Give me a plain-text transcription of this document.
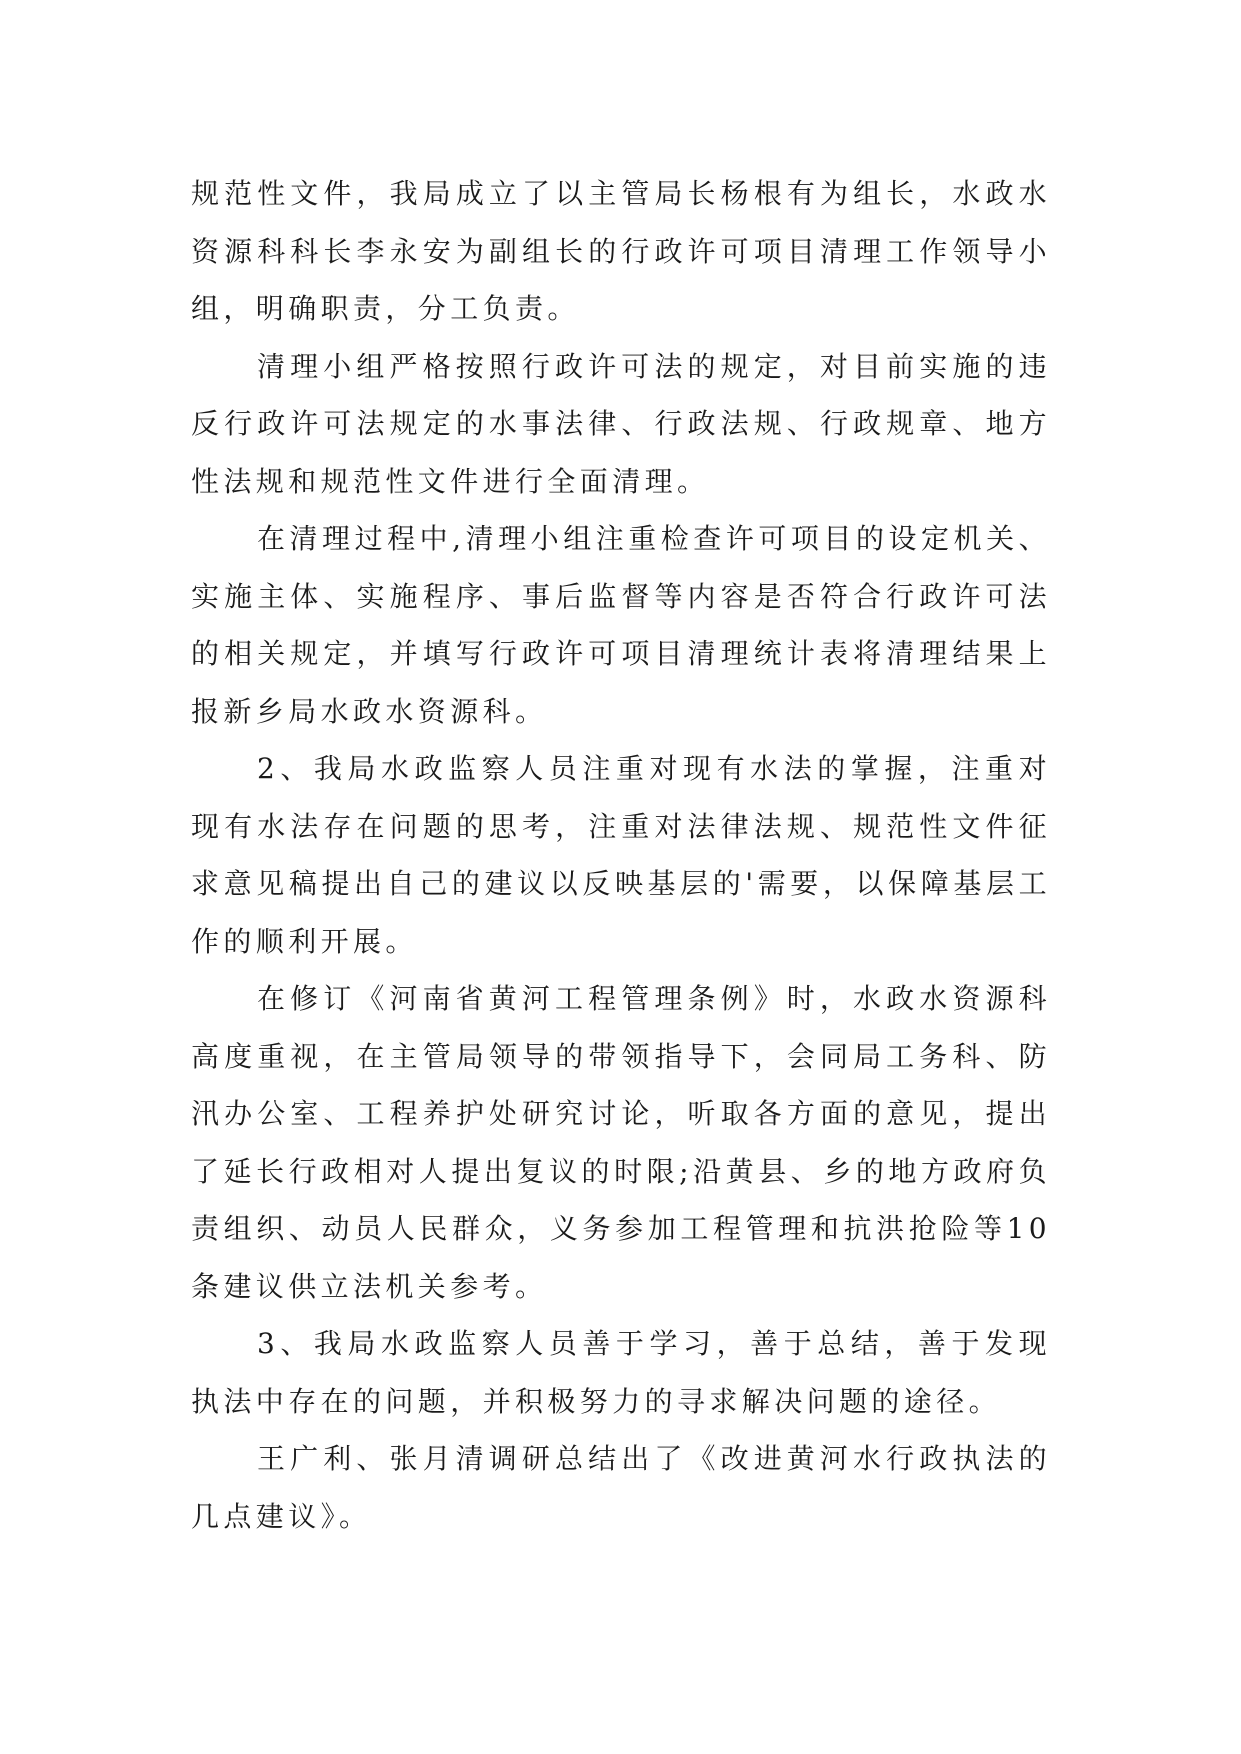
规范性文件，我局成立了以主管局长杨根有为组长，水政水资源科科长李永安为副组长的行政许可项目清理工作领导小组，明确职责，分工负责。

清理小组严格按照行政许可法的规定，对目前实施的违反行政许可法规定的水事法律、行政法规、行政规章、地方性法规和规范性文件进行全面清理。

在清理过程中,清理小组注重检查许可项目的设定机关、实施主体、实施程序、事后监督等内容是否符合行政许可法的相关规定，并填写行政许可项目清理统计表将清理结果上报新乡局水政水资源科。

2、我局水政监察人员注重对现有水法的掌握，注重对现有水法存在问题的思考，注重对法律法规、规范性文件征求意见稿提出自己的建议以反映基层的'需要，以保障基层工作的顺利开展。

在修订《河南省黄河工程管理条例》时，水政水资源科高度重视，在主管局领导的带领指导下，会同局工务科、防汛办公室、工程养护处研究讨论，听取各方面的意见，提出了延长行政相对人提出复议的时限;沿黄县、乡的地方政府负责组织、动员人民群众，义务参加工程管理和抗洪抢险等10条建议供立法机关参考。

3、我局水政监察人员善于学习，善于总结，善于发现执法中存在的问题，并积极努力的寻求解决问题的途径。

王广利、张月清调研总结出了《改进黄河水行政执法的几点建议》。
